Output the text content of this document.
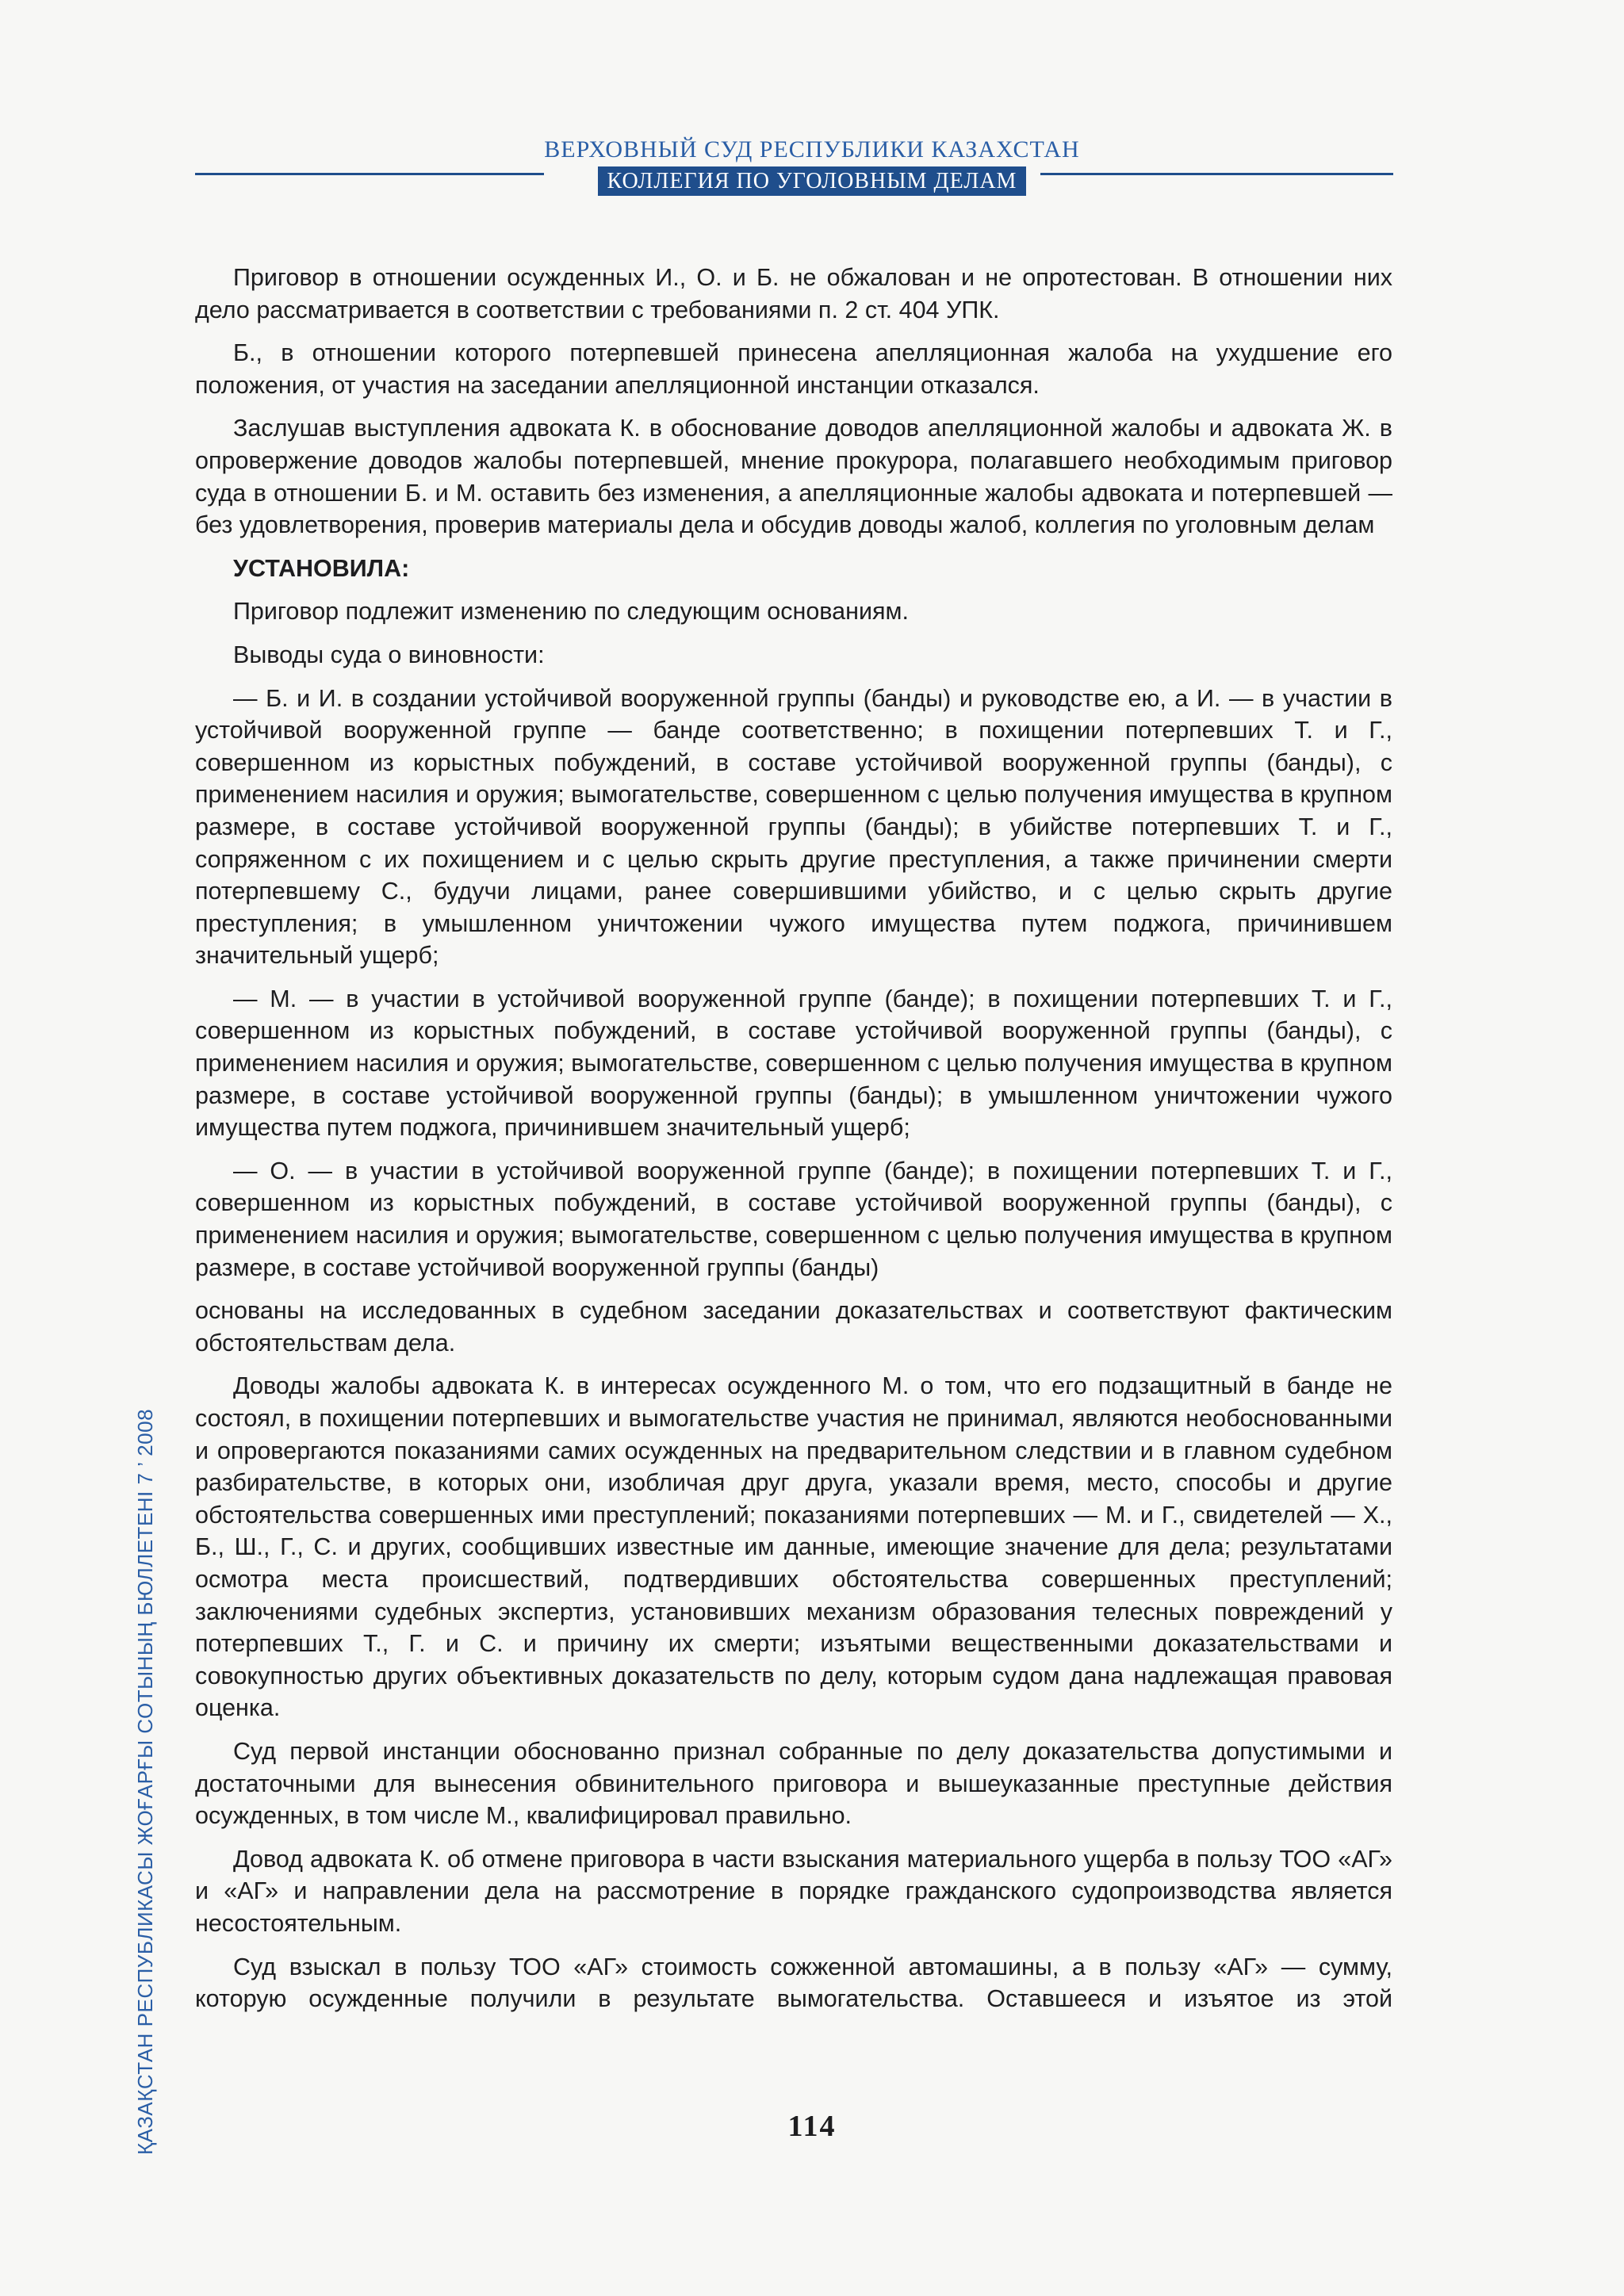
ВЕРХОВНЫЙ СУД РЕСПУБЛИКИ КАЗАХСТАН
КОЛЛЕГИЯ ПО УГОЛОВНЫМ ДЕЛАМ
ҚАЗАҚСТАН РЕСПУБЛИКАСЫ ЖОҒАРҒЫ СОТЫНЫҢ БЮЛЛЕТЕНІ 7 ’ 2008

Приговор в отношении осужденных И., О. и Б. не обжалован и не опротестован. В отношении них дело рассматривается в соответствии с требованиями п. 2 ст. 404 УПК.

Б., в отношении которого потерпевшей принесена апелляционная жалоба на ухудшение его положения, от участия на заседании апелляционной инстанции отказался.

Заслушав выступления адвоката К. в обоснование доводов апелляционной жалобы и адвоката Ж. в опровержение доводов жалобы потерпевшей, мнение прокурора, полагавшего необходимым приговор суда в отношении Б. и М. оставить без изменения, а апелляционные жалобы адвоката и потерпевшей — без удовлетворения, проверив материалы дела и обсудив доводы жалоб, коллегия по уголовным делам

УСТАНОВИЛА:

Приговор подлежит изменению по следующим основаниям.

Выводы суда о виновности:

— Б. и И. в создании устойчивой вооруженной группы (банды) и руководстве ею, а И. — в участии в устойчивой вооруженной группе — банде соответственно; в похищении потерпевших Т. и Г., совершенном из корыстных побуждений, в составе устойчивой вооруженной группы (банды), с применением насилия и оружия; вымогательстве, совершенном с целью получения имущества в крупном размере, в составе устойчивой вооруженной группы (банды); в убийстве потерпевших Т. и Г., сопряженном с их похищением и с целью скрыть другие преступления, а также причинении смерти потерпевшему С., будучи лицами, ранее совершившими убийство, и с целью скрыть другие преступления; в умышленном уничтожении чужого имущества путем поджога, причинившем значительный ущерб;

— М. — в участии в устойчивой вооруженной группе (банде); в похищении потерпевших Т. и Г., совершенном из корыстных побуждений, в составе устойчивой вооруженной группы (банды), с применением насилия и оружия; вымогательстве, совершенном с целью получения имущества в крупном размере, в составе устойчивой вооруженной группы (банды); в умышленном уничтожении чужого имущества путем поджога, причинившем значительный ущерб;

— О. — в участии в устойчивой вооруженной группе (банде); в похищении потерпевших Т. и Г., совершенном из корыстных побуждений, в составе устойчивой вооруженной группы (банды), с применением насилия и оружия; вымогательстве, совершенном с целью получения имущества в крупном размере, в составе устойчивой вооруженной группы (банды)

основаны на исследованных в судебном заседании доказательствах и соответствуют фактическим обстоятельствам дела.

Доводы жалобы адвоката К. в интересах осужденного М. о том, что его подзащитный в банде не состоял, в похищении потерпевших и вымогательстве участия не принимал, являются необоснованными и опровергаются показаниями самих осужденных на предварительном следствии и в главном судебном разбирательстве, в которых они, изобличая друг друга, указали время, место, способы и другие обстоятельства совершенных ими преступлений; показаниями потерпевших — М. и Г., свидетелей — Х., Б., Ш., Г., С. и других, сообщивших известные им данные, имеющие значение для дела; результатами осмотра места происшествий, подтвердивших обстоятельства совершенных преступлений; заключениями судебных экспертиз, установивших механизм образования телесных повреждений у потерпевших Т., Г. и С. и причину их смерти; изъятыми вещественными доказательствами и совокупностью других объективных доказательств по делу, которым судом дана надлежащая правовая оценка.

Суд первой инстанции обоснованно признал собранные по делу доказательства допустимыми и достаточными для вынесения обвинительного приговора и вышеуказанные преступные действия осужденных, в том числе М., квалифицировал правильно.

Довод адвоката К. об отмене приговора в части взыскания материального ущерба в пользу ТОО «АГ» и «АГ» и направлении дела на рассмотрение в порядке гражданского судопроизводства является несостоятельным.

Суд взыскал в пользу ТОО «АГ» стоимость сожженной автомашины, а в пользу «АГ» — сумму, которую осужденные получили в результате вымогательства. Оставшееся и изъятое из этой

114
